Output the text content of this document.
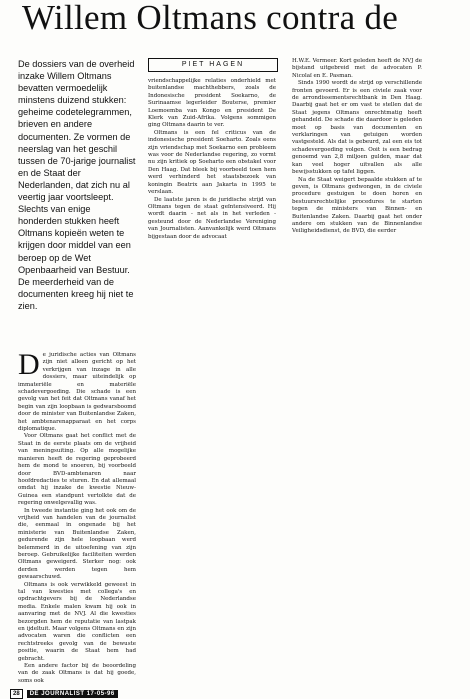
Willem Oltmans contra de
De dossiers van de overheid inzake Willem Oltmans bevatten vermoedelijk minstens duizend stukken: geheime codetelegrammen, brieven en andere documenten. Ze vormen de neerslag van het geschil tussen de 70-jarige journalist en de Staat der Nederlanden, dat zich nu al veertig jaar voortsleept. Slechts van enige honderden stukken heeft Oltmans kopieën weten te krijgen door middel van een beroep op de Wet Openbaarheid van Bestuur. De meerderheid van de documenten kreeg hij niet te zien.
PIET HAGEN
D e juridische acties van Oltmans zijn niet alleen gericht op het verkrijgen van inzage in alle dossiers, maar uiteindelijk op immateriële en materiële schadevergoeding. Die schade is een gevolg van het feit dat Oltmans vanaf het begin van zijn loopbaan is gedwarsboomd door de minister van Buitenlandse Zaken, het ambtenarenapparaat en het corps diplomatique.

Voor Oltmans gaat het conflict met de Staat in de eerste plaats om de vrijheid van meningsuiting. Op alle mogelijke manieren heeft de regering geprobeerd hem de mond te snoeren, bij voorbeeld door BVD-ambtenaren naar hoofdredacties te sturen. En dat allemaal omdat hij inzake de kwestie Nieuw-Guinea een standpunt vertolkte dat de regering onwelgevallig was.

In tweede instantie ging het ook om de vrijheid van handelen van de journalist die, eenmaal in ongenade bij het ministerie van Buitenlandse Zaken, gedurende zijn hele loopbaan werd belemmerd in de uitoefening van zijn beroep. Gebruikelijke faciliteiten werden Oltmans geweigerd. Sterker nog: ook derden werden tegen hem gewaarschuwd.

Oltmans is ook verwikkeld geweest in tal van kwesties met collega's en opdrachtgevers bij de Nederlandse media. Enkele malen kwam hij ook in aanvaring met de NVJ. Al die kwesties bezorgden hem de reputatie van lastpak en ijdeltuit. Maar volgens Oltmans en zijn advocaten waren die conflicten een rechtstreeks gevolg van de bewuste positie, waarin de Staat hem had gebracht.

Een andere factor bij de beoordeling van de zaak Oltmans is dat hij goede, soms ook

vriendschappelijke relaties onderhield met buitenlandse machthebbers, zoals de Indonesische president Soekarno, de Surinaamse legerleider Bouterse, premier Loemoemba van Kongo en president De Klerk van Zuid-Afrika. Volgens sommigen ging Oltmans daarin te ver.

Oltmans is een fel criticus van de indonesische president Soeharto. Zoals eens zijn vriendschap met Soekarno een probleem was voor de Nederlandse regering, zo vormt nu zijn kritiek op Soeharto een obstakel voor Den Haag. Dat bleek bij voorbeeld toen hem werd verhinderd het staatsbezoek van koningin Beatrix aan Jakarta in 1995 te verslaan.

De laatste jaren is de juridische strijd van Oltmans tegen de staat geïntensiveerd. Hij wordt daarin - net als in het verleden - gesteund door de Nederlandse Vereniging van Journalisten. Aanvankelijk werd Oltmans bijgestaan door de advocaat

H.W.E. Vermeer. Kort geleden heeft de NVJ de bijstand uitgebreid met de advocaten P. Nicolaï en E. Pasman.

Sinds 1990 wordt de strijd op verschillende fronten gevoerd. Er is een civiele zaak voor de arrondissementsrechtbank in Den Haag. Daarbij gaat het er om vast te stellen dat de Staat jegens Oltmans onrechtmatig heeft gehandeld. De schade die daardoor is geleden moet op basis van documenten en verklaringen van getuigen worden vastgesteld. Als dat is gebeurd, zal een eis tot schadevergoeding volgen. Ooit is een bedrag genoemd van 2,8 miljoen gulden, maar dat kan veel hoger uitvallen als alle bewijsstukken op tafel liggen.

Na de Staat weigert bepaalde stukken af te geven, is Oltmans gedwongen, in de civiele procedure gestuigen te doen horen en bestuursrechtelijke procedures te starten tegen de ministers van Binnen- en Buitenlandse Zaken. Daarbij gaat het onder andere om stukken van de Binnenlandse Veiligheidsdienst, de BVD, die eerder

28	DE JOURNALIST 17-05-96
